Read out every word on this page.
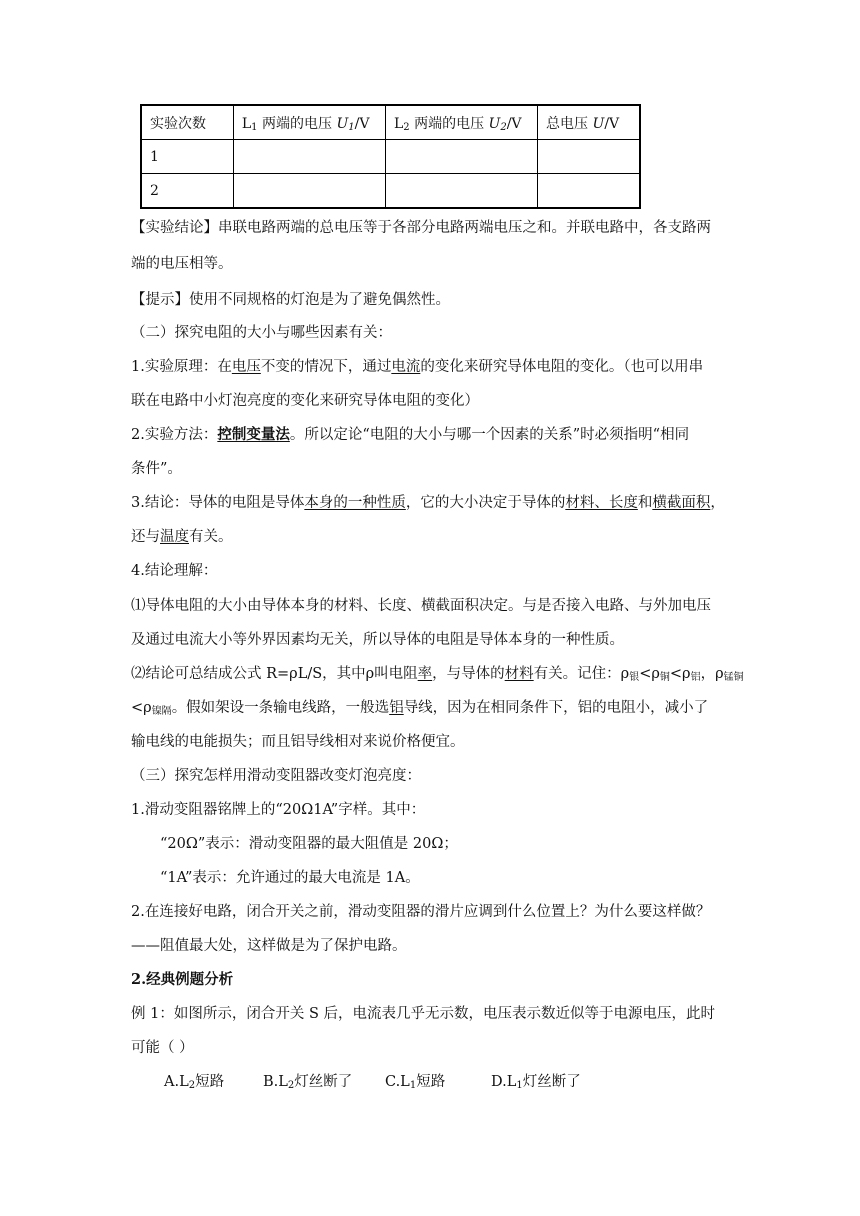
实验次数	$L_1$ 两端的电压 $U_1/V$	$L_2$ 两端的电压 $U_2/V$	总电压 U/V
1			
2			
【实验结论】串联电路两端的总电压等于各部分电路两端电压之和。并联电路中，各支路两
端的电压相等。
【提示】使用不同规格的灯泡是为了避免偶然性。
（二）探究电阻的大小与哪些因素有关：
1.实验原理：在电压不变的情况下，通过电流的变化来研究导体电阻的变化。（也可以用串
联在电路中小灯泡亮度的变化来研究导体电阻的变化）
2.实验方法：控制变量法。所以定论“电阻的大小与哪一个因素的关系”时必须指明“相同
条件”。
3.结论：导体的电阻是导体本身的一种性质，它的大小决定于导体的材料、长度和横截面积，
还与温度有关。
4.结论理解：
⑴导体电阻的大小由导体本身的材料、长度、横截面积决定。与是否接入电路、与外加电压
及通过电流大小等外界因素均无关，所以导体的电阻是导体本身的一种性质。
⑵结论可总结成公式 R=ρL/S，其中ρ叫电阻率，与导体的材料有关。记住：$\rho_银<\rho_铜<\rho_铝$，$\rho_{锰铜}$
$<\rho_{镍隔}$。假如架设一条输电线路，一般选铝导线，因为在相同条件下，铝的电阻小，减小了
输电线的电能损失；而且铝导线相对来说价格便宜。
（三）探究怎样用滑动变阻器改变灯泡亮度：
1.滑动变阻器铭牌上的“20Ω1A”字样。其中：
“20Ω”表示：滑动变阻器的最大阻值是 20Ω；
“1A”表示：允许通过的最大电流是 1A。
2.在连接好电路，闭合开关之前，滑动变阻器的滑片应调到什么位置上？为什么要这样做？
——阻值最大处，这样做是为了保护电路。
2.经典例题分析
例 1：如图所示，闭合开关 S 后，电流表几乎无示数，电压表示数近似等于电源电压，此时
可能（ ）
$A.L_2$短路	$B.L_2$灯丝断了 $C.L_1$短路	$D.L_1$灯丝断了
